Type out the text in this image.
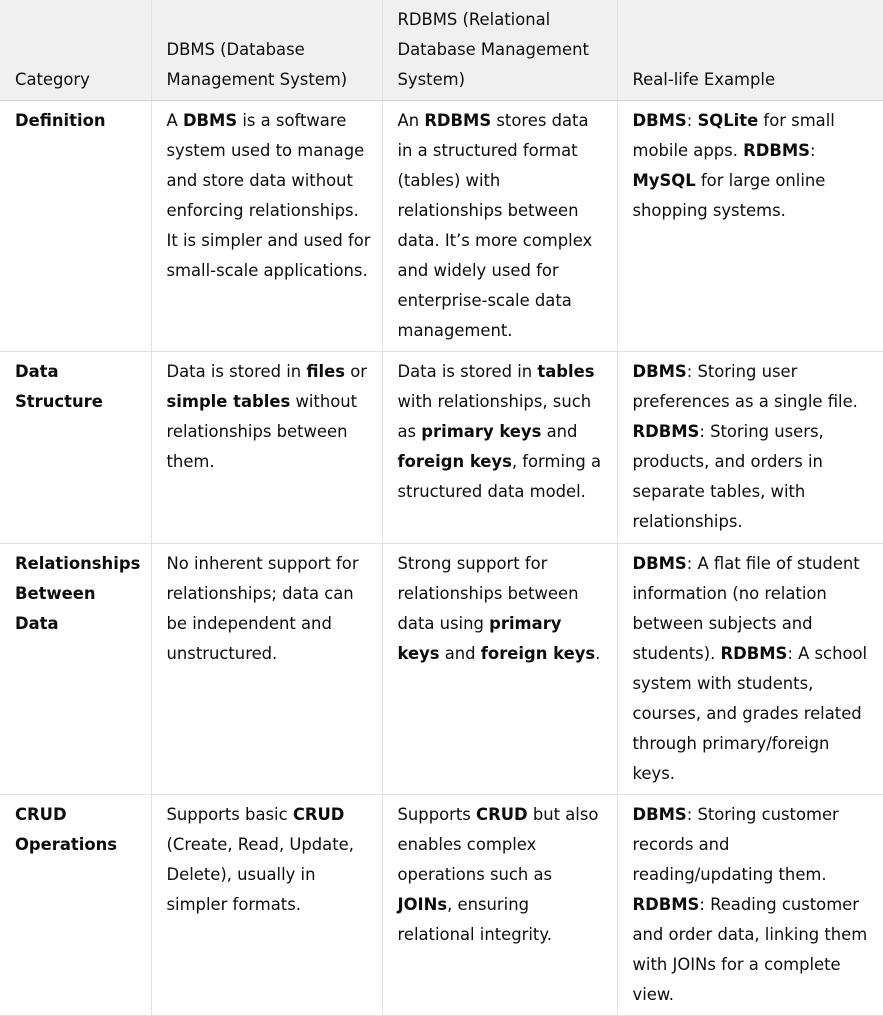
Category	DBMS (Database Management System)	RDBMS (Relational Database Management System)	Real-life Example
Definition	A DBMS is a software system used to manage and store data without enforcing relationships. It is simpler and used for small-scale applications.	An RDBMS stores data in a structured format (tables) with relationships between data. It’s more complex and widely used for enterprise-scale data management.	DBMS: SQLite for small mobile apps. RDBMS: MySQL for large online shopping systems.
Data Structure	Data is stored in files or simple tables without relationships between them.	Data is stored in tables with relationships, such as primary keys and foreign keys, forming a structured data model.	DBMS: Storing user preferences as a single file. RDBMS: Storing users, products, and orders in separate tables, with relationships.
Relationships Between Data	No inherent support for relationships; data can be independent and unstructured.	Strong support for relationships between data using primary keys and foreign keys.	DBMS: A flat file of student information (no relation between subjects and students). RDBMS: A school system with students, courses, and grades related through primary/foreign keys.
CRUD Operations	Supports basic CRUD (Create, Read, Update, Delete), usually in simpler formats.	Supports CRUD but also enables complex operations such as JOINs, ensuring relational integrity.	DBMS: Storing customer records and reading/updating them. RDBMS: Reading customer and order data, linking them with JOINs for a complete view.
